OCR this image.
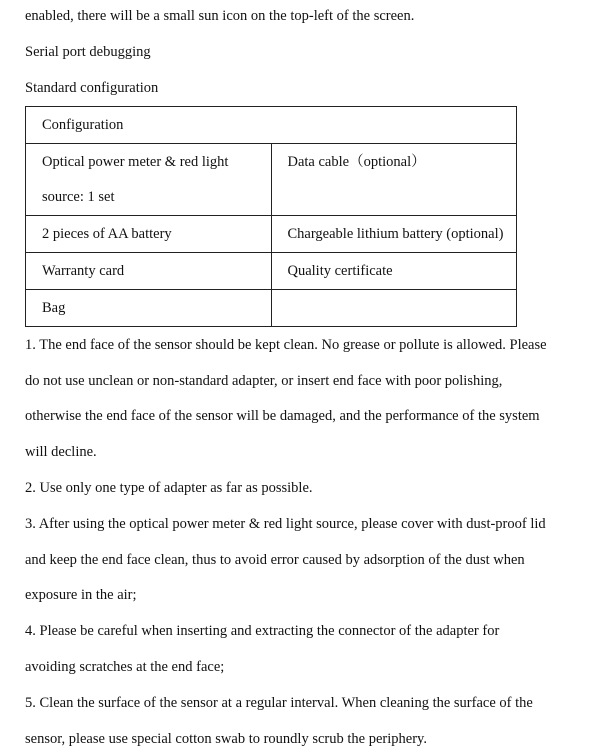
enabled, there will be a small sun icon on the top-left of the screen.
Serial port debugging
Standard configuration
Configuration	

Optical power meter & red light
source: 1 set	Data cable（optional）

2 pieces of AA battery	Chargeable lithium battery (optional)

Warranty card	Quality certificate

Bag	

1. The end face of the sensor should be kept clean. No grease or pollute is allowed. Please
do not use unclean or non-standard adapter, or insert end face with poor polishing,
otherwise the end face of the sensor will be damaged, and the performance of the system
will decline.
2. Use only one type of adapter as far as possible.
3. After using the optical power meter & red light source, please cover with dust-proof lid
and keep the end face clean, thus to avoid error caused by adsorption of the dust when
exposure in the air;
4. Please be careful when inserting and extracting the connector of the adapter for
avoiding scratches at the end face;
5. Clean the surface of the sensor at a regular interval. When cleaning the surface of the
sensor, please use special cotton swab to roundly scrub the periphery.
